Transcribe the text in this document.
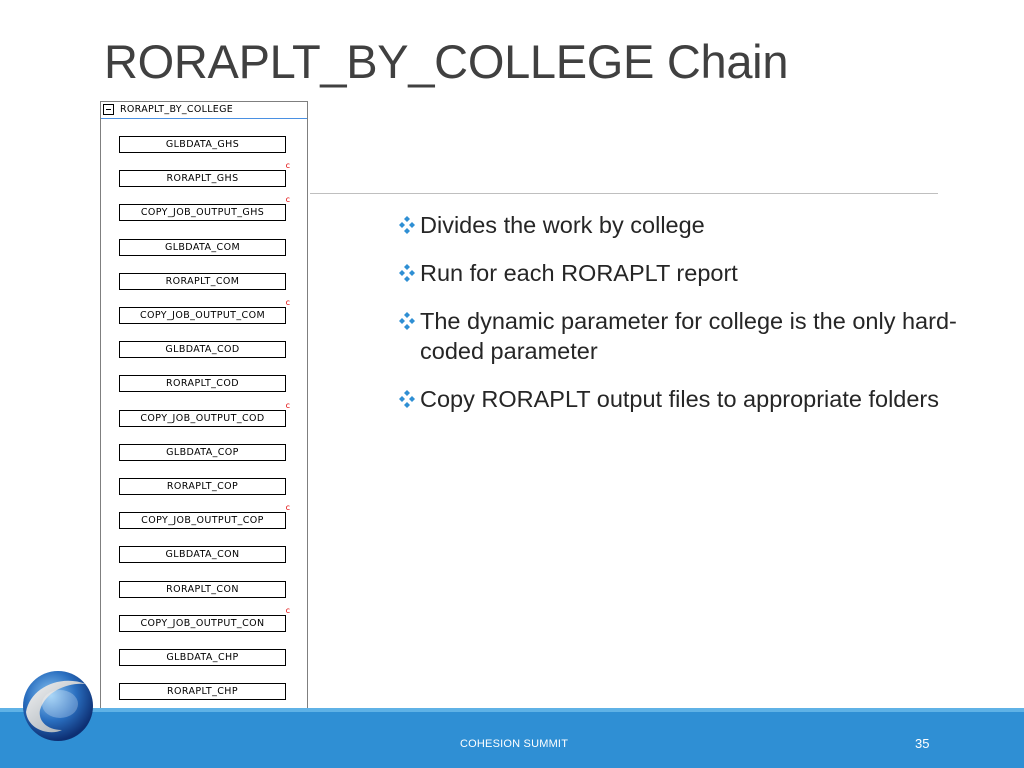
RORAPLT_BY_COLLEGE Chain
RORAPLT_BY_COLLEGE
GLBDATA_GHS
RORAPLT_GHS
c
COPY_JOB_OUTPUT_GHS
c
GLBDATA_COM
RORAPLT_COM
COPY_JOB_OUTPUT_COM
c
GLBDATA_COD
RORAPLT_COD
COPY_JOB_OUTPUT_COD
c
GLBDATA_COP
RORAPLT_COP
COPY_JOB_OUTPUT_COP
c
GLBDATA_CON
RORAPLT_CON
COPY_JOB_OUTPUT_CON
c
GLBDATA_CHP
RORAPLT_CHP
Divides the work by college
Run for each RORAPLT report
The dynamic parameter for college is the only hard-coded parameter
Copy RORAPLT output files to appropriate folders
COHESION SUMMIT	35
